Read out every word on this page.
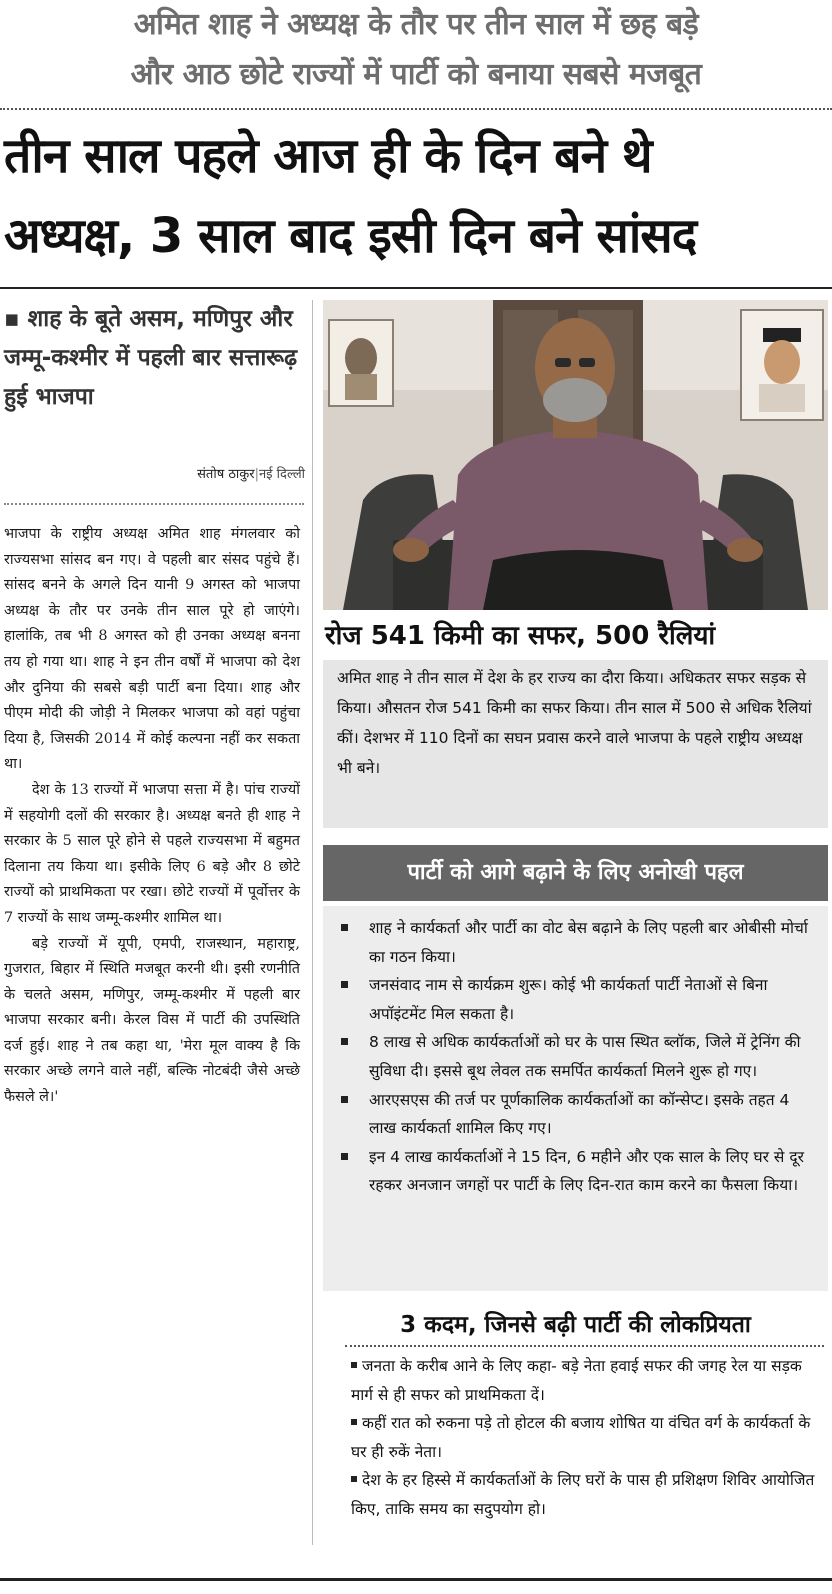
अमित शाह ने अध्यक्ष के तौर पर तीन साल में छह बड़े
और आठ छोटे राज्यों में पार्टी को बनाया सबसे मजबूत
तीन साल पहले आज ही के दिन बने थे
अध्यक्ष, 3 साल बाद इसी दिन बने सांसद
▪ शाह के बूते असम, मणिपुर और जम्मू-कश्मीर में पहली बार सत्तारूढ़ हुई भाजपा
संतोष ठाकुर|नई दिल्ली

भाजपा के राष्ट्रीय अध्यक्ष अमित शाह मंगलवार को राज्यसभा सांसद बन गए। वे पहली बार संसद पहुंचे हैं। सांसद बनने के अगले दिन यानी 9 अगस्त को भाजपा अध्यक्ष के तौर पर उनके तीन साल पूरे हो जाएंगे। हालांकि, तब भी 8 अगस्त को ही उनका अध्यक्ष बनना तय हो गया था। शाह ने इन तीन वर्षों में भाजपा को देश और दुनिया की सबसे बड़ी पार्टी बना दिया। शाह और पीएम मोदी की जोड़ी ने मिलकर भाजपा को वहां पहुंचा दिया है, जिसकी 2014 में कोई कल्पना नहीं कर सकता था।

देश के 13 राज्यों में भाजपा सत्ता में है। पांच राज्यों में सहयोगी दलों की सरकार है। अध्यक्ष बनते ही शाह ने सरकार के 5 साल पूरे होने से पहले राज्यसभा में बहुमत दिलाना तय किया था। इसीके लिए 6 बड़े और 8 छोटे राज्यों को प्राथमिकता पर रखा। छोटे राज्यों में पूर्वोत्तर के 7 राज्यों के साथ जम्मू-कश्मीर शामिल था।

बड़े राज्यों में यूपी, एमपी, राजस्थान, महाराष्ट्र, गुजरात, बिहार में स्थिति मजबूत करनी थी। इसी रणनीति के चलते असम, मणिपुर, जम्मू-कश्मीर में पहली बार भाजपा सरकार बनी। केरल विस में पार्टी की उपस्थिति दर्ज हुई। शाह ने तब कहा था, 'मेरा मूल वाक्य है कि सरकार अच्छे लगने वाले नहीं, बल्कि नोटबंदी जैसे अच्छे फैसले ले।'

रोज 541 किमी का सफर, 500 रैलियां
अमित शाह ने तीन साल में देश के हर राज्य का दौरा किया। अधिकतर सफर सड़क से किया। औसतन रोज 541 किमी का सफर किया। तीन साल में 500 से अधिक रैलियां कीं। देशभर में 110 दिनों का सघन प्रवास करने वाले भाजपा के पहले राष्ट्रीय अध्यक्ष भी बने।
पार्टी को आगे बढ़ाने के लिए अनोखी पहल
शाह ने कार्यकर्ता और पार्टी का वोट बेस बढ़ाने के लिए पहली बार ओबीसी मोर्चा का गठन किया।
जनसंवाद नाम से कार्यक्रम शुरू। कोई भी कार्यकर्ता पार्टी नेताओं से बिना अपॉइंटमेंट मिल सकता है।
8 लाख से अधिक कार्यकर्ताओं को घर के पास स्थित ब्लॉक, जिले में ट्रेनिंग की सुविधा दी। इससे बूथ लेवल तक समर्पित कार्यकर्ता मिलने शुरू हो गए।
आरएसएस की तर्ज पर पूर्णकालिक कार्यकर्ताओं का कॉन्सेप्ट। इसके तहत 4 लाख कार्यकर्ता शामिल किए गए।
इन 4 लाख कार्यकर्ताओं ने 15 दिन, 6 महीने और एक साल के लिए घर से दूर रहकर अनजान जगहों पर पार्टी के लिए दिन-रात काम करने का फैसला किया।
3 कदम, जिनसे बढ़ी पार्टी की लोकप्रियता

जनता के करीब आने के लिए कहा- बड़े नेता हवाई सफर की जगह रेल या सड़क मार्ग से ही सफर को प्राथमिकता दें।

कहीं रात को रुकना पड़े तो होटल की बजाय शोषित या वंचित वर्ग के कार्यकर्ता के घर ही रुकें नेता।

देश के हर हिस्से में कार्यकर्ताओं के लिए घरों के पास ही प्रशिक्षण शिविर आयोजित किए, ताकि समय का सदुपयोग हो।
